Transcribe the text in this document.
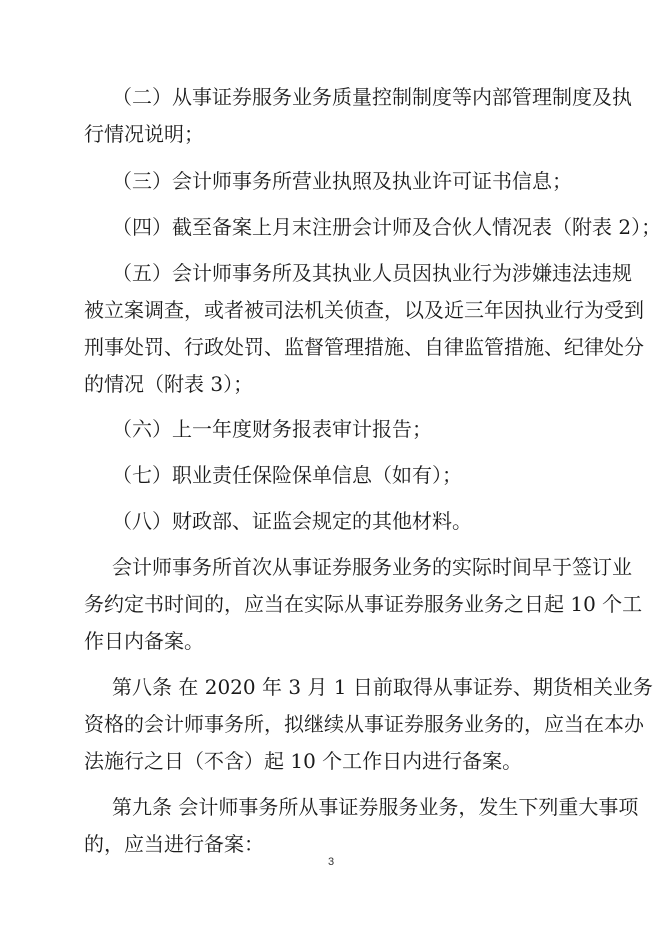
（二）从事证券服务业务质量控制制度等内部管理制度及执
行情况说明；
（三）会计师事务所营业执照及执业许可证书信息；
（四）截至备案上月末注册会计师及合伙人情况表（附表 2）；
（五）会计师事务所及其执业人员因执业行为涉嫌违法违规
被立案调查，或者被司法机关侦查，以及近三年因执业行为受到
刑事处罚、行政处罚、监督管理措施、自律监管措施、纪律处分
的情况（附表 3）；
（六）上一年度财务报表审计报告；
（七）职业责任保险保单信息（如有）；
（八）财政部、证监会规定的其他材料。
会计师事务所首次从事证券服务业务的实际时间早于签订业
务约定书时间的，应当在实际从事证券服务业务之日起 10 个工
作日内备案。
第八条 在 2020 年 3 月 1 日前取得从事证券、期货相关业务
资格的会计师事务所，拟继续从事证券服务业务的，应当在本办
法施行之日（不含）起 10 个工作日内进行备案。
第九条 会计师事务所从事证券服务业务，发生下列重大事项
的，应当进行备案：
3
